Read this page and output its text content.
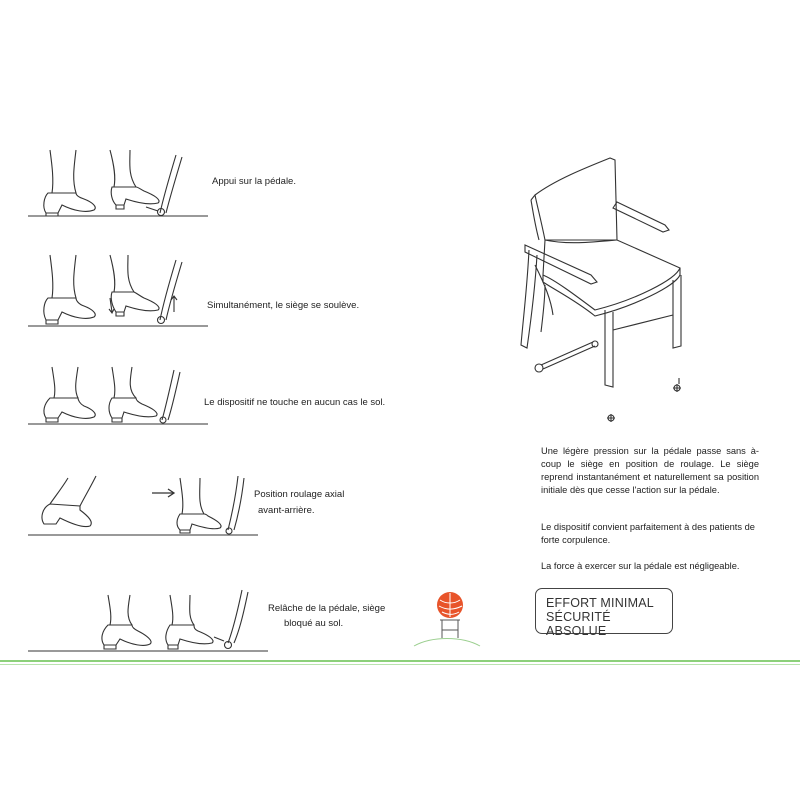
Appui sur la pédale.
Simultanément, le siège se soulève.
Le dispositif ne touche en aucun cas le sol.
Position roulage axial
avant-arrière.
Relâche de la pédale, siège
bloqué au sol.
Une légère pression sur la pédale passe sans à-coup le siège en position de roulage. Le siège reprend instantanément et naturellement sa position initiale dès que cesse l'action sur la pédale.
Le dispositif convient parfaitement à des patients de forte corpulence.
La force à exercer sur la pédale est négligeable.
EFFORT MINIMAL
SÉCURITÉ ABSOLUE
